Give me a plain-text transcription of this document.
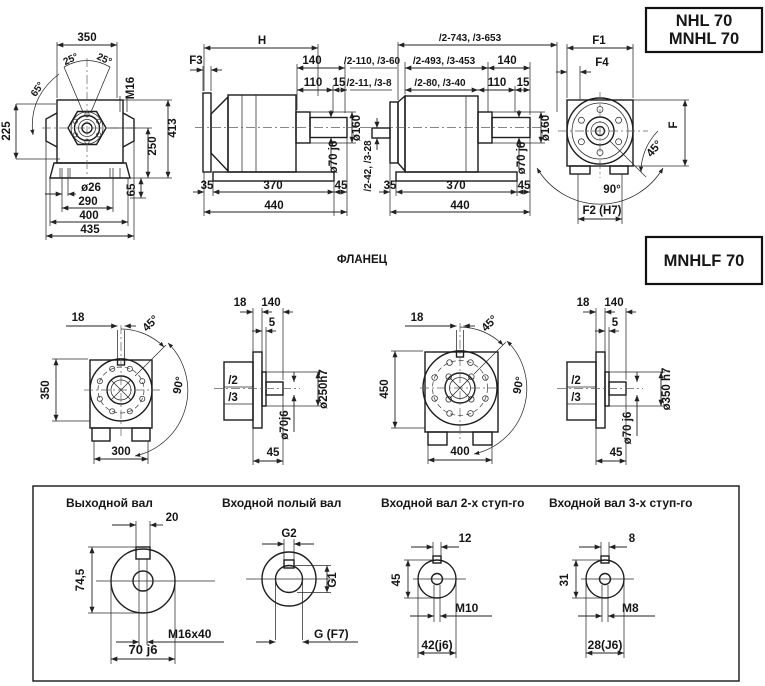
350
25° 25°
65°	M16
225	413
250
65
ø26
290
400
435
H
F3	140
110 15
/2-110, /3-60
/2-11, /3-8
ø160
ø70 j6
35	370	45
440
/2-743, /3-653
/2-493, /3-453 140
/2-80, /3-40 110 15
/2-42, /3-28
ø160
ø70 j6
35	370	45
440
F1
F4
F
45°
90°
F2 (H7)
NHL 70
MNHL 70
ФЛАНЕЦ	MNHLF 70
18	45°
350	90°
300
18 140
5
/2
/3	ø250h7
ø70j6
45
18	45°
450	90°
400
18 140
5
/2
/3	ø350 h7
ø70 j6
45
Выходной вал
20
74,5
M16x40
70 j6
Входной полый вал
G2
G1
G (F7)
Входной вал 2-х ступ-го
12
45
M10
42(j6)
Входной вал 3-х ступ-го
8
31
M8
28(J6)
